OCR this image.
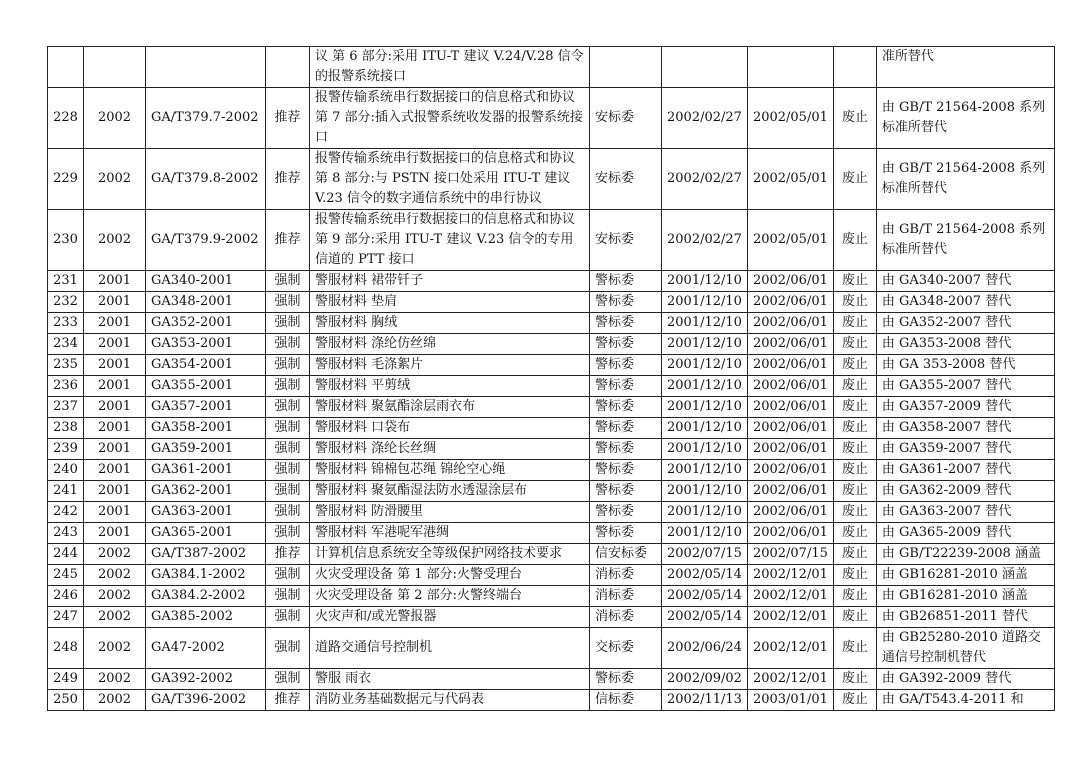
				议 第 6 部分:采用 ITU-T 建议 V.24/V.28 信令的报警系统接口					准所替代
228	2002	GA/T379.7-2002	推荐	报警传输系统串行数据接口的信息格式和协议 第 7 部分:插入式报警系统收发器的报警系统接口	安标委	2002/02/27	2002/05/01	废止	由 GB/T 21564-2008 系列标准所替代
229	2002	GA/T379.8-2002	推荐	报警传输系统串行数据接口的信息格式和协议 第 8 部分:与 PSTN 接口处采用 ITU-T 建议 V.23 信令的数字通信系统中的串行协议	安标委	2002/02/27	2002/05/01	废止	由 GB/T 21564-2008 系列标准所替代
230	2002	GA/T379.9-2002	推荐	报警传输系统串行数据接口的信息格式和协议 第 9 部分:采用 ITU-T 建议 V.23 信令的专用信道的 PTT 接口	安标委	2002/02/27	2002/05/01	废止	由 GB/T 21564-2008 系列标准所替代
231	2001	GA340-2001	强制	警服材料 裙带钎子	警标委	2001/12/10	2002/06/01	废止	由 GA340-2007 替代
232	2001	GA348-2001	强制	警服材料 垫肩	警标委	2001/12/10	2002/06/01	废止	由 GA348-2007 替代
233	2001	GA352-2001	强制	警服材料 胸绒	警标委	2001/12/10	2002/06/01	废止	由 GA352-2007 替代
234	2001	GA353-2001	强制	警服材料 涤纶仿丝绵	警标委	2001/12/10	2002/06/01	废止	由 GA353-2008 替代
235	2001	GA354-2001	强制	警服材料 毛涤絮片	警标委	2001/12/10	2002/06/01	废止	由 GA 353-2008 替代
236	2001	GA355-2001	强制	警服材料 平剪绒	警标委	2001/12/10	2002/06/01	废止	由 GA355-2007 替代
237	2001	GA357-2001	强制	警服材料 聚氨酯涂层雨衣布	警标委	2001/12/10	2002/06/01	废止	由 GA357-2009 替代
238	2001	GA358-2001	强制	警服材料 口袋布	警标委	2001/12/10	2002/06/01	废止	由 GA358-2007 替代
239	2001	GA359-2001	强制	警服材料 涤纶长丝绸	警标委	2001/12/10	2002/06/01	废止	由 GA359-2007 替代
240	2001	GA361-2001	强制	警服材料 锦棉包芯绳 锦纶空心绳	警标委	2001/12/10	2002/06/01	废止	由 GA361-2007 替代
241	2001	GA362-2001	强制	警服材料 聚氨酯湿法防水透湿涂层布	警标委	2001/12/10	2002/06/01	废止	由 GA362-2009 替代
242	2001	GA363-2001	强制	警服材料 防滑腰里	警标委	2001/12/10	2002/06/01	废止	由 GA363-2007 替代
243	2001	GA365-2001	强制	警服材料 军港呢军港绸	警标委	2001/12/10	2002/06/01	废止	由 GA365-2009 替代
244	2002	GA/T387-2002	推荐	计算机信息系统安全等级保护网络技术要求	信安标委	2002/07/15	2002/07/15	废止	由 GB/T22239-2008 涵盖
245	2002	GA384.1-2002	强制	火灾受理设备 第 1 部分:火警受理台	消标委	2002/05/14	2002/12/01	废止	由 GB16281-2010 涵盖
246	2002	GA384.2-2002	强制	火灾受理设备 第 2 部分:火警终端台	消标委	2002/05/14	2002/12/01	废止	由 GB16281-2010 涵盖
247	2002	GA385-2002	强制	火灾声和/或光警报器	消标委	2002/05/14	2002/12/01	废止	由 GB26851-2011 替代
248	2002	GA47-2002	强制	道路交通信号控制机	交标委	2002/06/24	2002/12/01	废止	由 GB25280-2010 道路交通信号控制机替代
249	2002	GA392-2002	强制	警服 雨衣	警标委	2002/09/02	2002/12/01	废止	由 GA392-2009 替代
250	2002	GA/T396-2002	推荐	消防业务基础数据元与代码表	信标委	2002/11/13	2003/01/01	废止	由 GA/T543.4-2011 和
